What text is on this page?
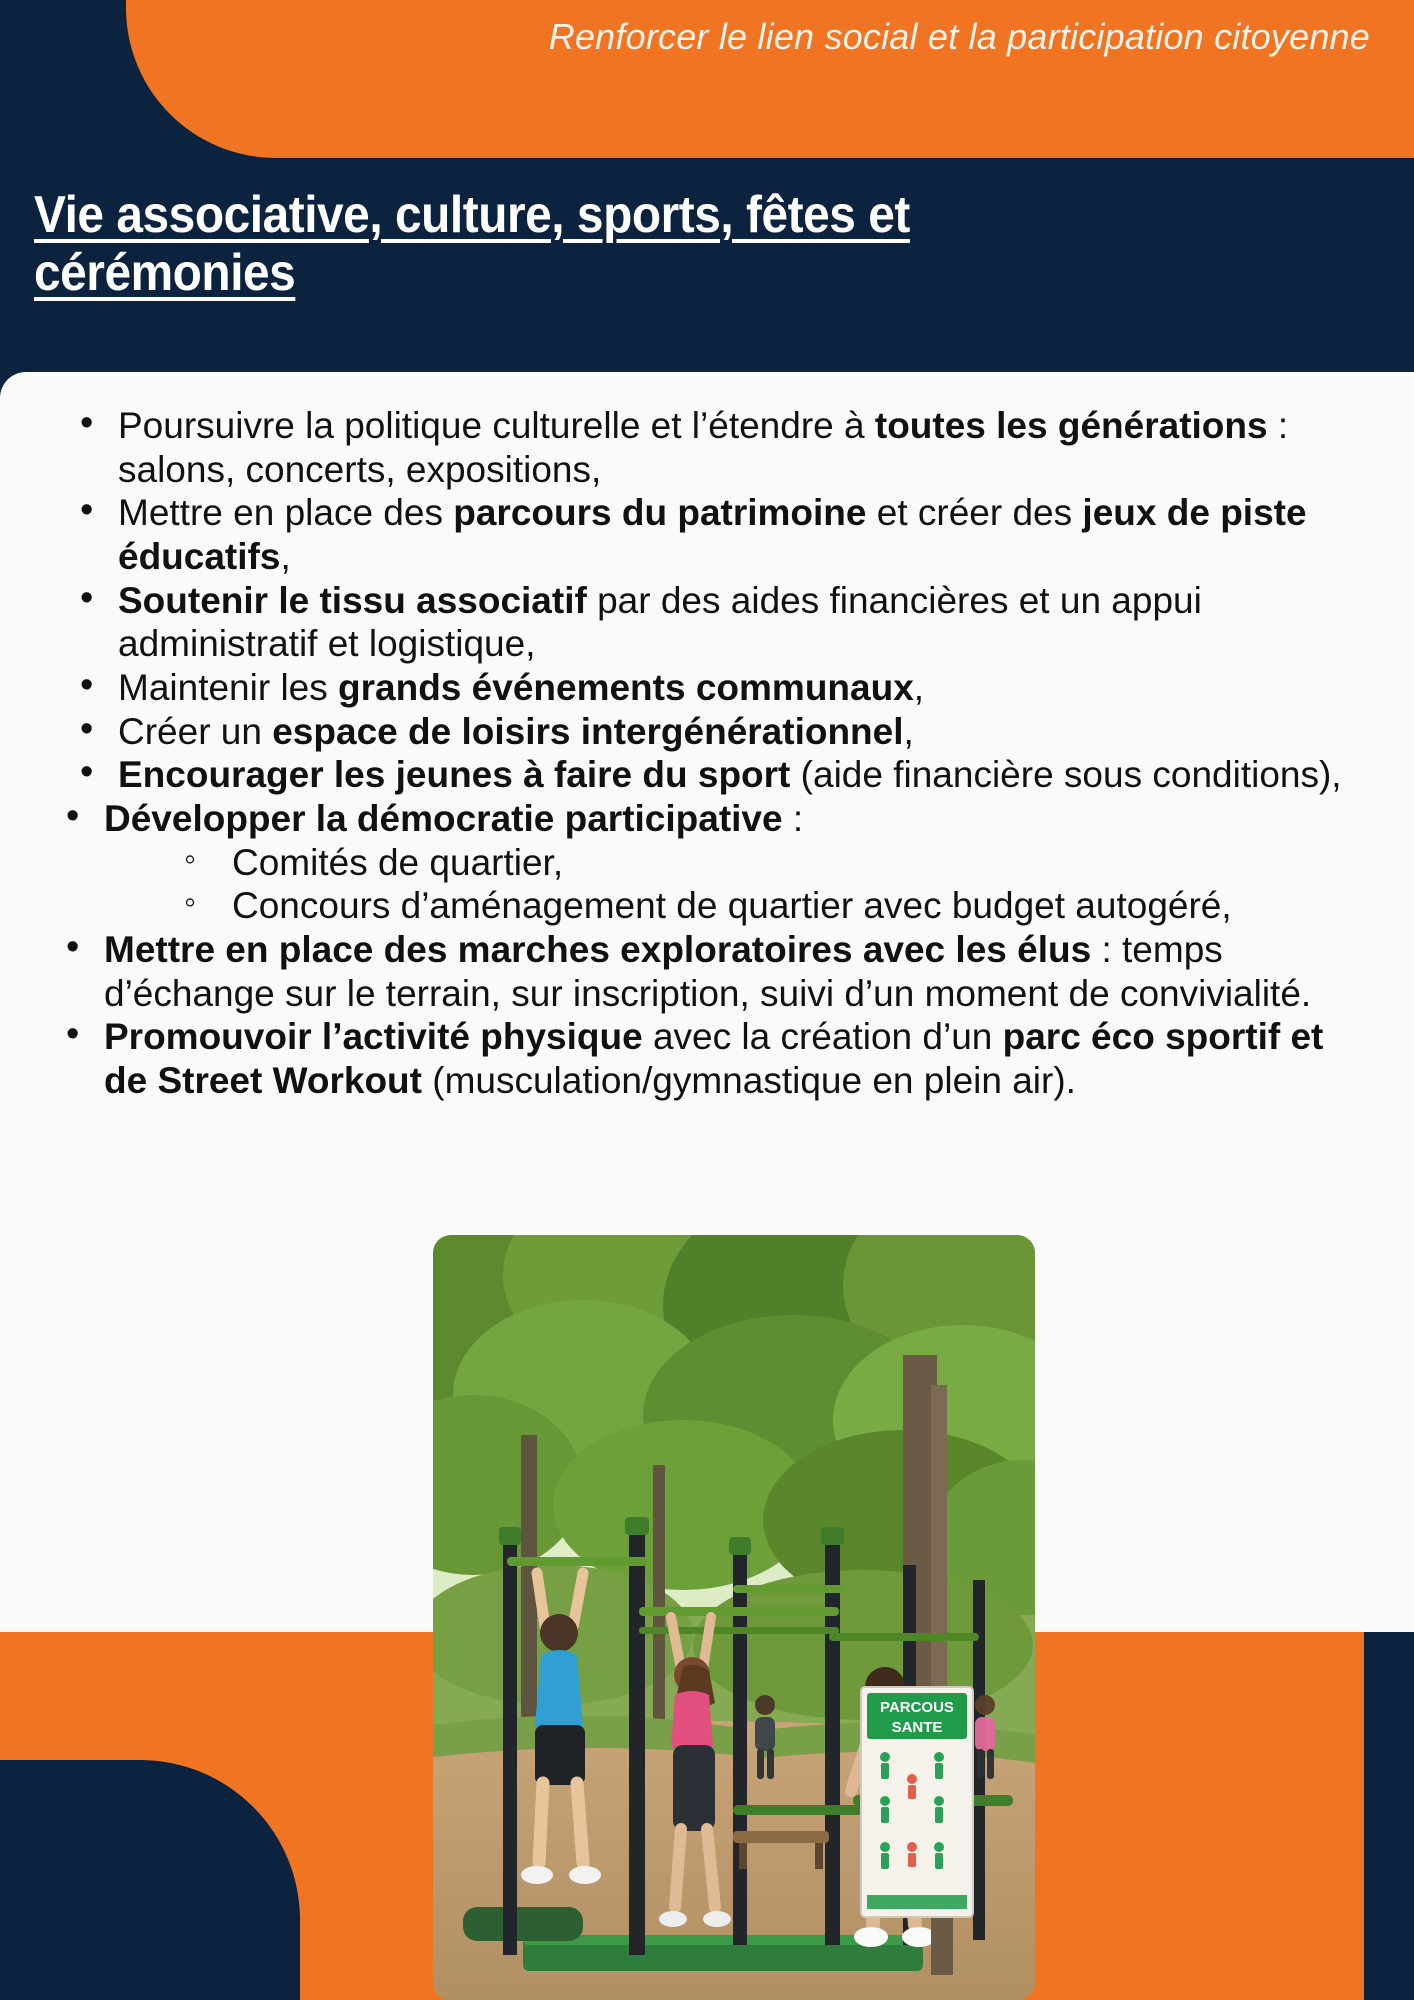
Renforcer le lien social et la participation citoyenne
Vie associative, culture, sports, fêtes et cérémonies
• Poursuivre la politique culturelle et l’étendre à toutes les générations : salons, concerts, expositions,
• Mettre en place des parcours du patrimoine et créer des jeux de piste éducatifs,
• Soutenir le tissu associatif par des aides financières et un appui administratif et logistique,
• Maintenir les grands événements communaux,
• Créer un espace de loisirs intergénérationnel,
• Encourager les jeunes à faire du sport (aide financière sous conditions),
• Développer la démocratie participative :
◦ Comités de quartier,
◦ Concours d’aménagement de quartier avec budget autogéré,
• Mettre en place des marches exploratoires avec les élus : temps d’échange sur le terrain, sur inscription, suivi d’un moment de convivialité.
• Promouvoir l’activité physique avec la création d’un parc éco sportif et de Street Workout (musculation/gymnastique en plein air).
PARCOUS
SANTE
